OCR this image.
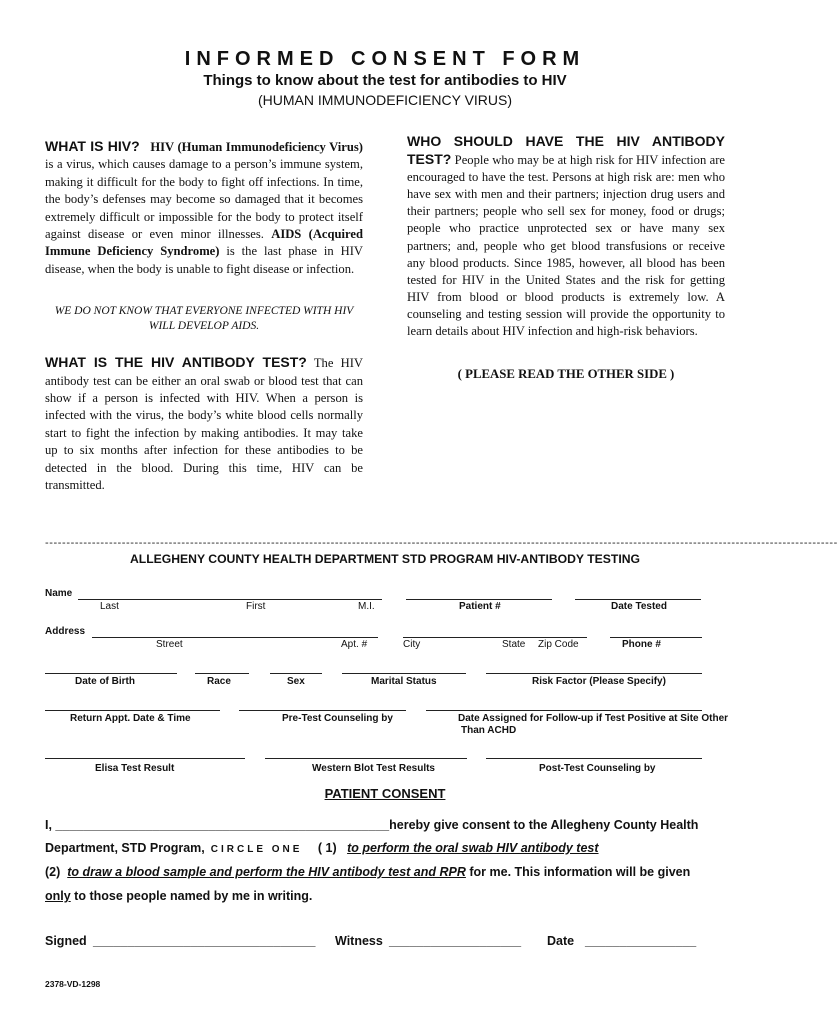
INFORMED CONSENT FORM
Things to know about the test for antibodies to HIV
(HUMAN IMMUNODEFICIENCY VIRUS)

WHAT IS HIV? HIV (Human Immunodeficiency Virus) is a virus, which causes damage to a person’s immune system, making it difficult for the body to fight off infections. In time, the body’s defenses may become so damaged that it becomes extremely difficult or impossible for the body to protect itself against disease or even minor illnesses. AIDS (Acquired Immune Deficiency Syndrome) is the last phase in HIV disease, when the body is unable to fight disease or infection.

WE DO NOT KNOW THAT EVERYONE INFECTED WITH HIV WILL DEVELOP AIDS.

WHAT IS THE HIV ANTIBODY TEST? The HIV antibody test can be either an oral swab or blood test that can show if a person is infected with HIV. When a person is infected with the virus, the body’s white blood cells normally start to fight the infection by making antibodies. It may take up to six months after infection for these antibodies to be detected in the blood. During this time, HIV can be transmitted.

WHO SHOULD HAVE THE HIV ANTIBODY TEST? People who may be at high risk for HIV infection are encouraged to have the test. Persons at high risk are: men who have sex with men and their partners; injection drug users and their partners; people who sell sex for money, food or drugs; people who practice unprotected sex or have many sex partners; and, people who get blood transfusions or receive any blood products. Since 1985, however, all blood has been tested for HIV in the United States and the risk for getting HIV from blood or blood products is extremely low. A counseling and testing session will provide the opportunity to learn details about HIV infection and high-risk behaviors.

( PLEASE READ THE OTHER SIDE )

------------------------------------------------------------------------------------------------------------------------------------------------------------------------------------------
ALLEGHENY COUNTY HEALTH DEPARTMENT STD PROGRAM HIV-ANTIBODY TESTING
Name
Last	First	M.I.	Patient #	Date Tested
Address
Street	Apt. #	City	State Zip Code	Phone #
Date of Birth	Race	Sex	Marital Status	Risk Factor (Please Specify)
Return Appt. Date & Time	Pre-Test Counseling by	Date Assigned for Follow-up if Test Positive at Site Other
Than ACHD
Elisa Test Result	Western Blot Test Results	Post-Test Counseling by
PATIENT CONSENT
I, ________________________________________________hereby give consent to the Allegheny County Health
Department, STD Program, CIRCLE ONE ( 1) to perform the oral swab HIV antibody test
(2) to draw a blood sample and perform the HIV antibody test and RPR for me. This information will be given
only to those people named by me in writing.
Signed ________________________________ Witness ___________________ Date ________________
2378-VD-1298
